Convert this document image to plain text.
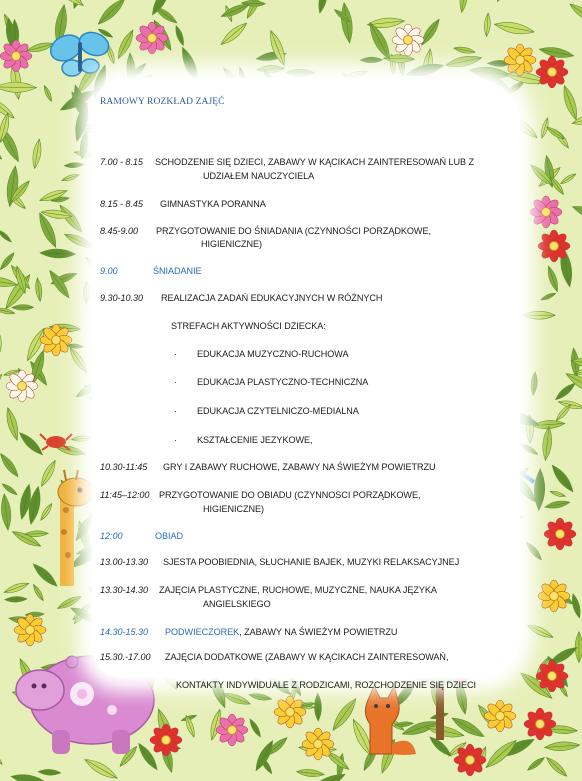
RAMOWY ROZKŁAD ZAJĘĆ

7.00 - 8.15 SCHODZENIE SIĘ DZIECI, ZABAWY W KĄCIKACH ZAINTERESOWAŃ LUB Z

UDZIAŁEM NAUCZYCIELA

8.15 - 8.45 GIMNASTYKA PORANNA

8.45-9.00 PRZYGOTOWANIE DO ŚNIADANIA (CZYNNOŚCI PORZĄDKOWE,

HIGIENICZNE)

9.00	ŚNIADANIE

9.30-10.30 REALIZACJA ZADAŃ EDUKACYJNYCH W RÓŻNYCH

STREFACH AKTYWNOŚCI DZIECKA:

· EDUKACJA MUZYCZNO-RUCHOWA

· EDUKACJA PLASTYCZNO-TECHNICZNA

· EDUKACJA CZYTELNICZO-MEDIALNA

· KSZTAŁCENIE JEZYKOWE,

10.30-11:45 GRY I ZABAWY RUCHOWE, ZABAWY NA ŚWIEŻYM POWIETRZU

11:45–12:00 PRZYGOTOWANIE DO OBIADU (CZYNNOSCI PORZĄDKOWE,

HIGIENICZNE)

12:00	OBIAD

13.00-13.30 SJESTA POOBIEDNIA, SŁUCHANIE BAJEK, MUZYKI RELAKSACYJNEJ

13.30-14.30 ZAJĘCIA PLASTYCZNE, RUCHOWE, MUZYCZNE, NAUKA JĘZYKA

ANGIELSKIEGO

14.30-15.30 PODWIECZOREK, ZABAWY NA ŚWIEŻYM POWIETRZU

15.30.-17.00 ZAJĘCIA DODATKOWE (ZABAWY W KĄCIKACH ZAINTERESOWAŃ,

KONTAKTY INDYWIDUALE Z RODZICAMI, ROZCHODZENIE SIĘ DZIECI
